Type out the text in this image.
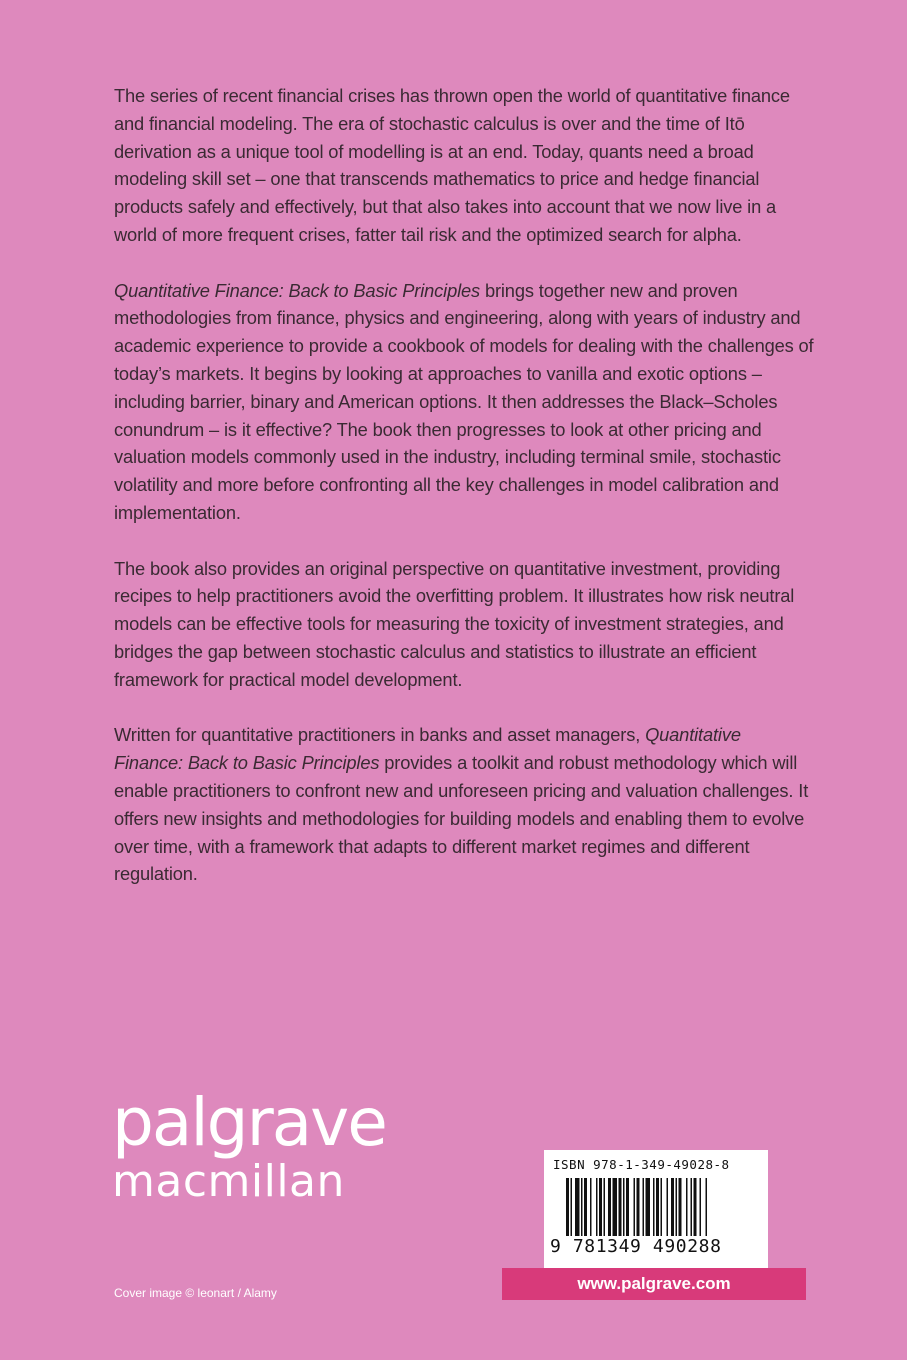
The series of recent financial crises has thrown open the world of quantitative finance and financial modeling. The era of stochastic calculus is over and the time of Itō derivation as a unique tool of modelling is at an end. Today, quants need a broad modeling skill set – one that transcends mathematics to price and hedge financial products safely and effectively, but that also takes into account that we now live in a world of more frequent crises, fatter tail risk and the optimized search for alpha.

Quantitative Finance: Back to Basic Principles brings together new and proven methodologies from finance, physics and engineering, along with years of industry and academic experience to provide a cookbook of models for dealing with the challenges of today’s markets. It begins by looking at approaches to vanilla and exotic options – including barrier, binary and American options. It then addresses the Black–Scholes conundrum – is it effective? The book then progresses to look at other pricing and valuation models commonly used in the industry, including terminal smile, stochastic volatility and more before confronting all the key challenges in model calibration and implementation.

The book also provides an original perspective on quantitative investment, providing recipes to help practitioners avoid the overfitting problem. It illustrates how risk neutral models can be effective tools for measuring the toxicity of investment strategies, and bridges the gap between stochastic calculus and statistics to illustrate an efficient framework for practical model development.

Written for quantitative practitioners in banks and asset managers, Quantitative Finance: Back to Basic Principles provides a toolkit and robust methodology which will enable practitioners to confront new and unforeseen pricing and valuation challenges. It offers new insights and methodologies for building models and enabling them to evolve over time, with a framework that adapts to different market regimes and different regulation.

palgrave
macmillan
Cover image © leonart / Alamy
ISBN 978-1-349-49028-8
9 781349 490288
www.palgrave.com
